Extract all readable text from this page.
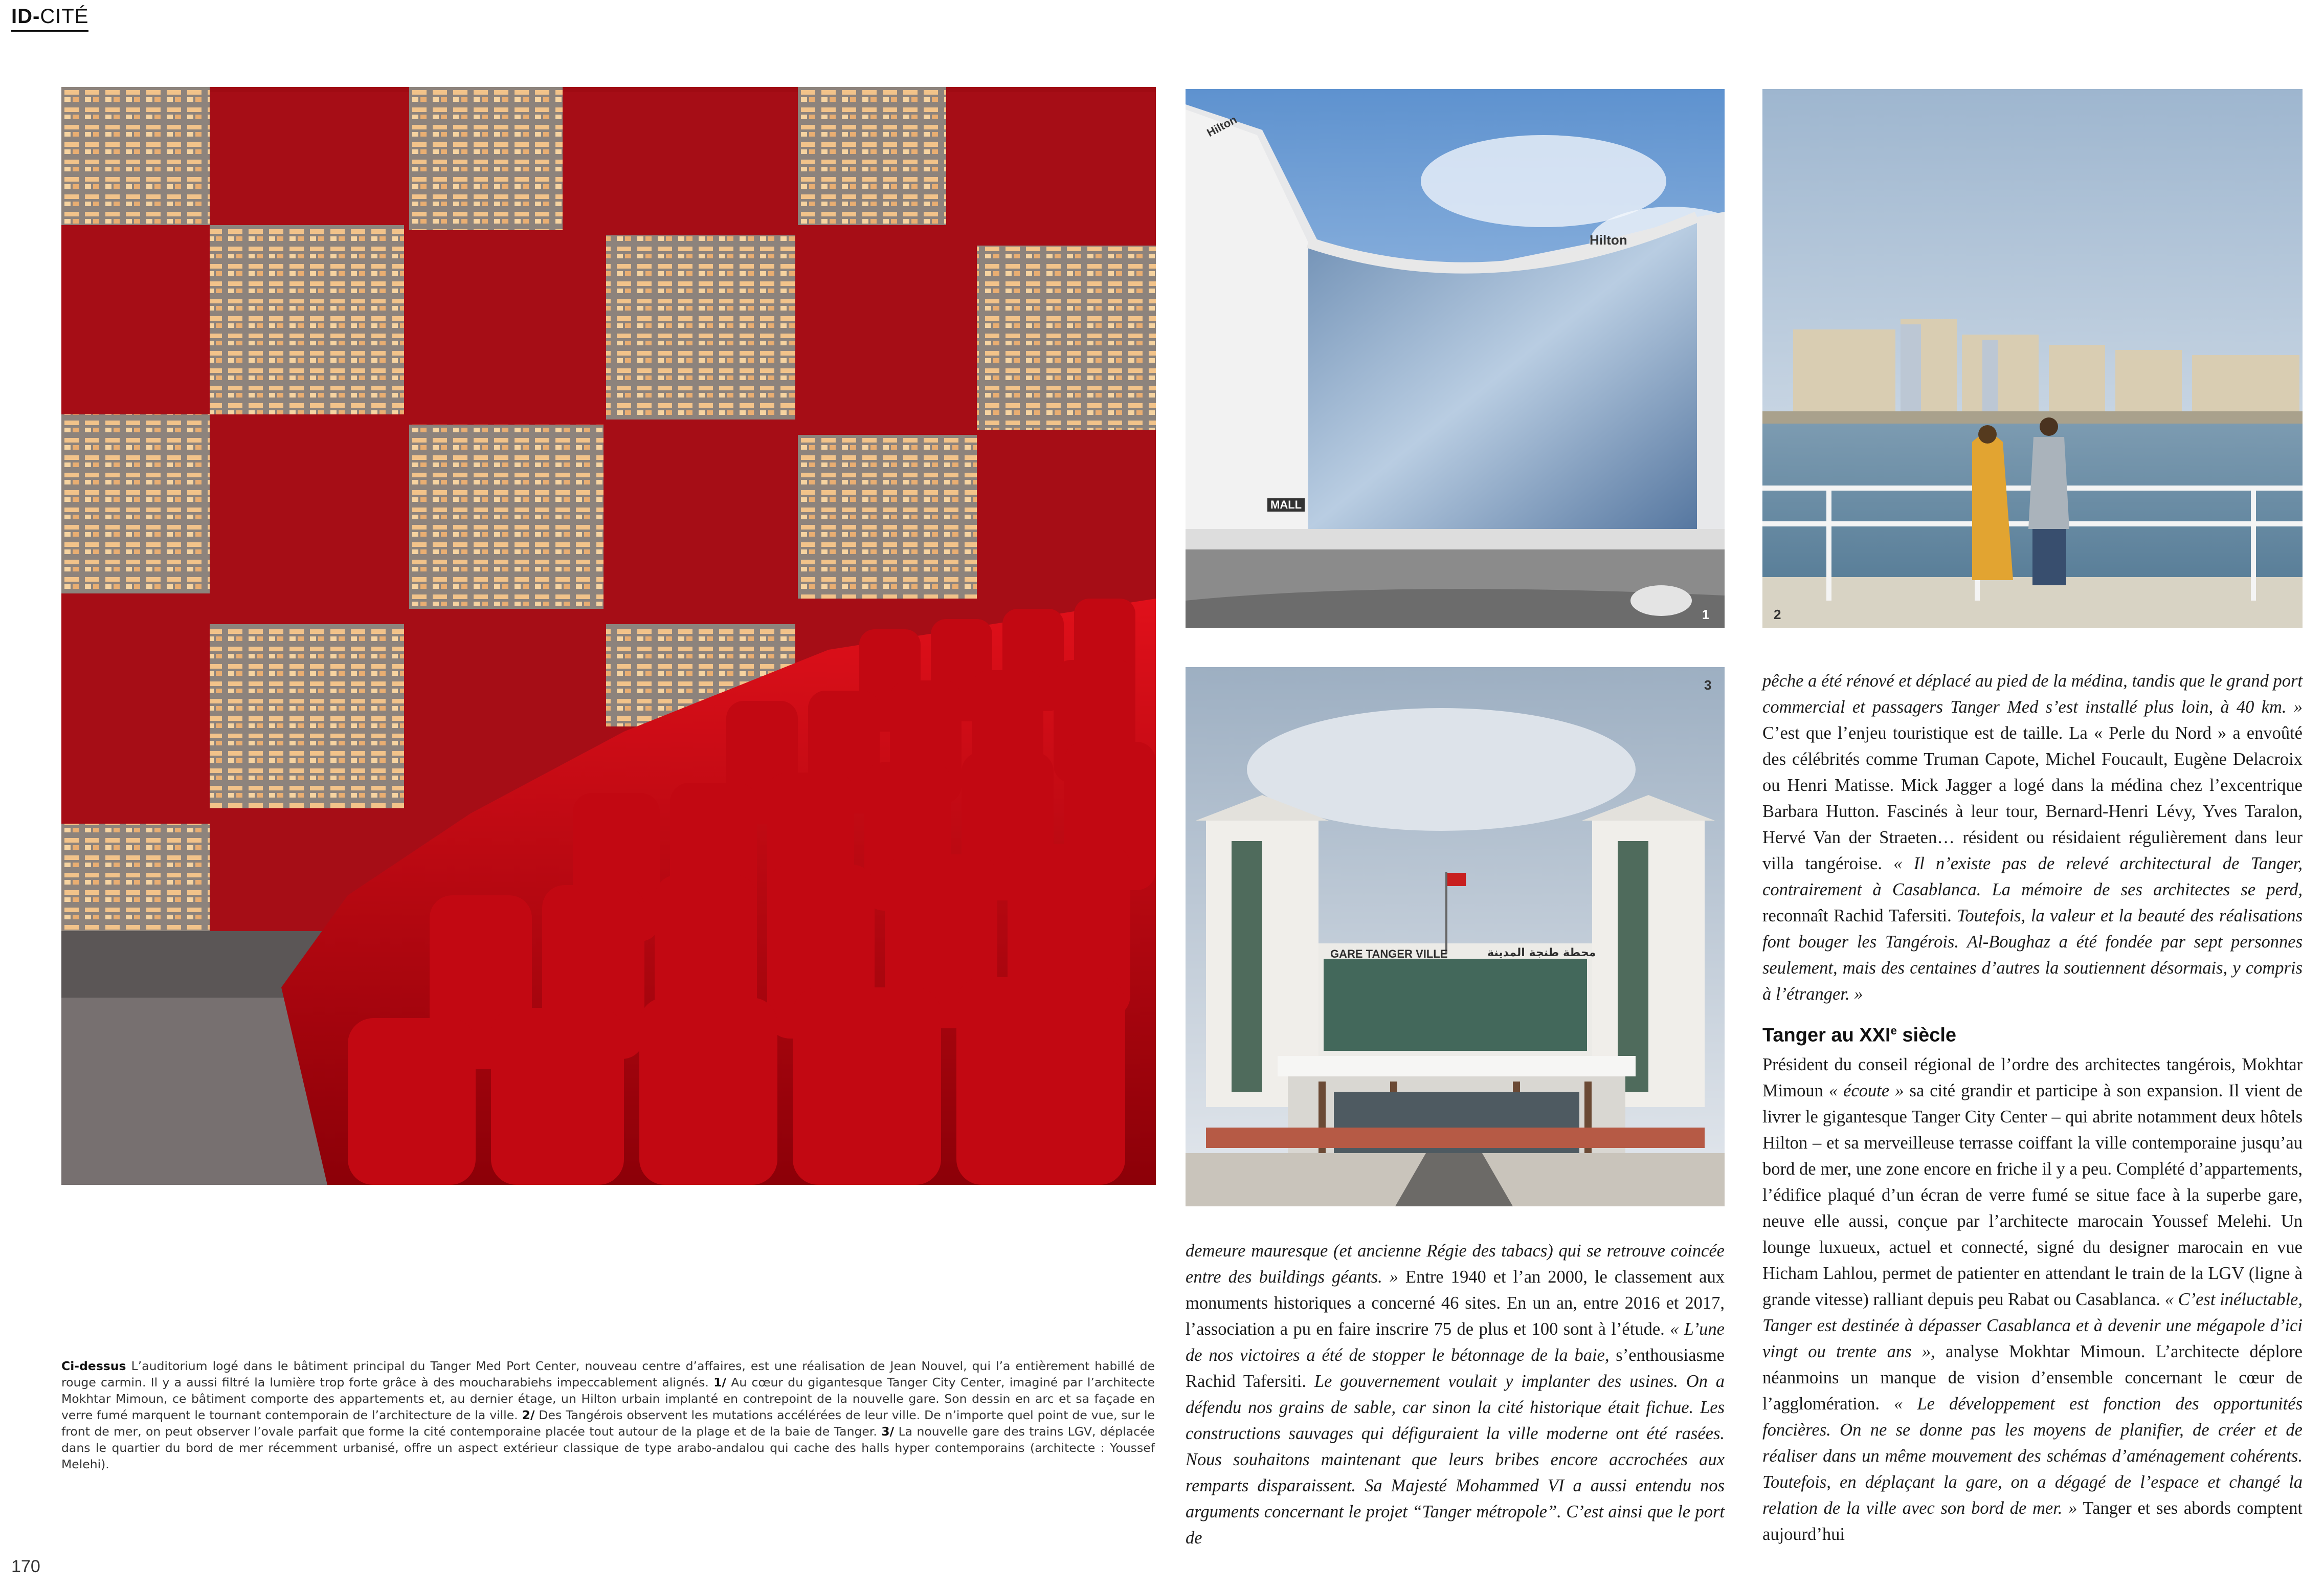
ID-CITÉ
Hilton
Hilton
MALL
1	2
GARE TANGER VILLE	محطة طنجة المدينة
3
Ci-dessus L’auditorium logé dans le bâtiment principal du Tanger Med Port Center, nouveau centre d’affaires, est une réalisation de Jean Nouvel, qui l’a entièrement habillé de rouge carmin. Il y a aussi filtré la lumière trop forte grâce à des moucharabiehs impeccablement alignés. 1/ Au cœur du gigantesque Tanger City Center, imaginé par l’architecte Mokhtar Mimoun, ce bâtiment comporte des appartements et, au dernier étage, un Hilton urbain implanté en contrepoint de la nouvelle gare. Son dessin en arc et sa façade en verre fumé marquent le tournant contemporain de l’architecture de la ville. 2/ Des Tangérois observent les mutations accélérées de leur ville. De n’importe quel point de vue, sur le front de mer, on peut observer l’ovale parfait que forme la cité contemporaine placée tout autour de la plage et de la baie de Tanger. 3/ La nouvelle gare des trains LGV, déplacée dans le quartier du bord de mer récemment urbanisé, offre un aspect extérieur classique de type arabo-andalou qui cache des halls hyper contemporains (architecte : Youssef Melehi).

demeure mauresque (et ancienne Régie des tabacs) qui se retrouve coincée entre des buildings géants. » Entre 1940 et l’an 2000, le classement aux monuments historiques a concerné 46 sites. En un an, entre 2016 et 2017, l’association a pu en faire inscrire 75 de plus et 100 sont à l’étude. « L’une de nos victoires a été de stopper le bétonnage de la baie, s’enthousiasme Rachid Tafersiti. Le gouvernement voulait y implanter des usines. On a défendu nos grains de sable, car sinon la cité historique était fichue. Les constructions sauvages qui défiguraient la ville moderne ont été rasées. Nous souhaitons maintenant que leurs bribes encore accrochées aux remparts disparaissent. Sa Majesté Mohammed VI a aussi entendu nos arguments concernant le projet “Tanger métropole”. C’est ainsi que le port de

pêche a été rénové et déplacé au pied de la médina, tandis que le grand port commercial et passagers Tanger Med s’est installé plus loin, à 40 km. » C’est que l’enjeu touristique est de taille. La « Perle du Nord » a envoûté des célébrités comme Truman Capote, Michel Foucault, Eugène Delacroix ou Henri Matisse. Mick Jagger a logé dans la médina chez l’excentrique Barbara Hutton. Fascinés à leur tour, Bernard-Henri Lévy, Yves Taralon, Hervé Van der Straeten… résident ou résidaient régulièrement dans leur villa tangéroise. « Il n’existe pas de relevé architectural de Tanger, contrairement à Casablanca. La mémoire de ses architectes se perd, reconnaît Rachid Tafersiti. Toutefois, la valeur et la beauté des réalisations font bouger les Tangérois. Al-Boughaz a été fondée par sept personnes seulement, mais des centaines d’autres la soutiennent désormais, y compris à l’étranger. »

Tanger au XXIe siècle

Président du conseil régional de l’ordre des architectes tangérois, Mokhtar Mimoun « écoute » sa cité grandir et participe à son expansion. Il vient de livrer le gigantesque Tanger City Center – qui abrite notamment deux hôtels Hilton – et sa merveilleuse terrasse coiffant la ville contemporaine jusqu’au bord de mer, une zone encore en friche il y a peu. Complété d’appartements, l’édifice plaqué d’un écran de verre fumé se situe face à la superbe gare, neuve elle aussi, conçue par l’architecte marocain Youssef Melehi. Un lounge luxueux, actuel et connecté, signé du designer marocain en vue Hicham Lahlou, permet de patienter en attendant le train de la LGV (ligne à grande vitesse) ralliant depuis peu Rabat ou Casablanca. « C’est inéluctable, Tanger est destinée à dépasser Casablanca et à devenir une mégapole d’ici vingt ou trente ans », analyse Mokhtar Mimoun. L’architecte déplore néanmoins un manque de vision d’ensemble concernant le cœur de l’agglomération. « Le développement est fonction des opportunités foncières. On ne se donne pas les moyens de planifier, de créer et de réaliser dans un même mouvement des schémas d’aménagement cohérents. Toutefois, en déplaçant la gare, on a dégagé de l’espace et changé la relation de la ville avec son bord de mer. » Tanger et ses abords comptent aujourd’hui

170
